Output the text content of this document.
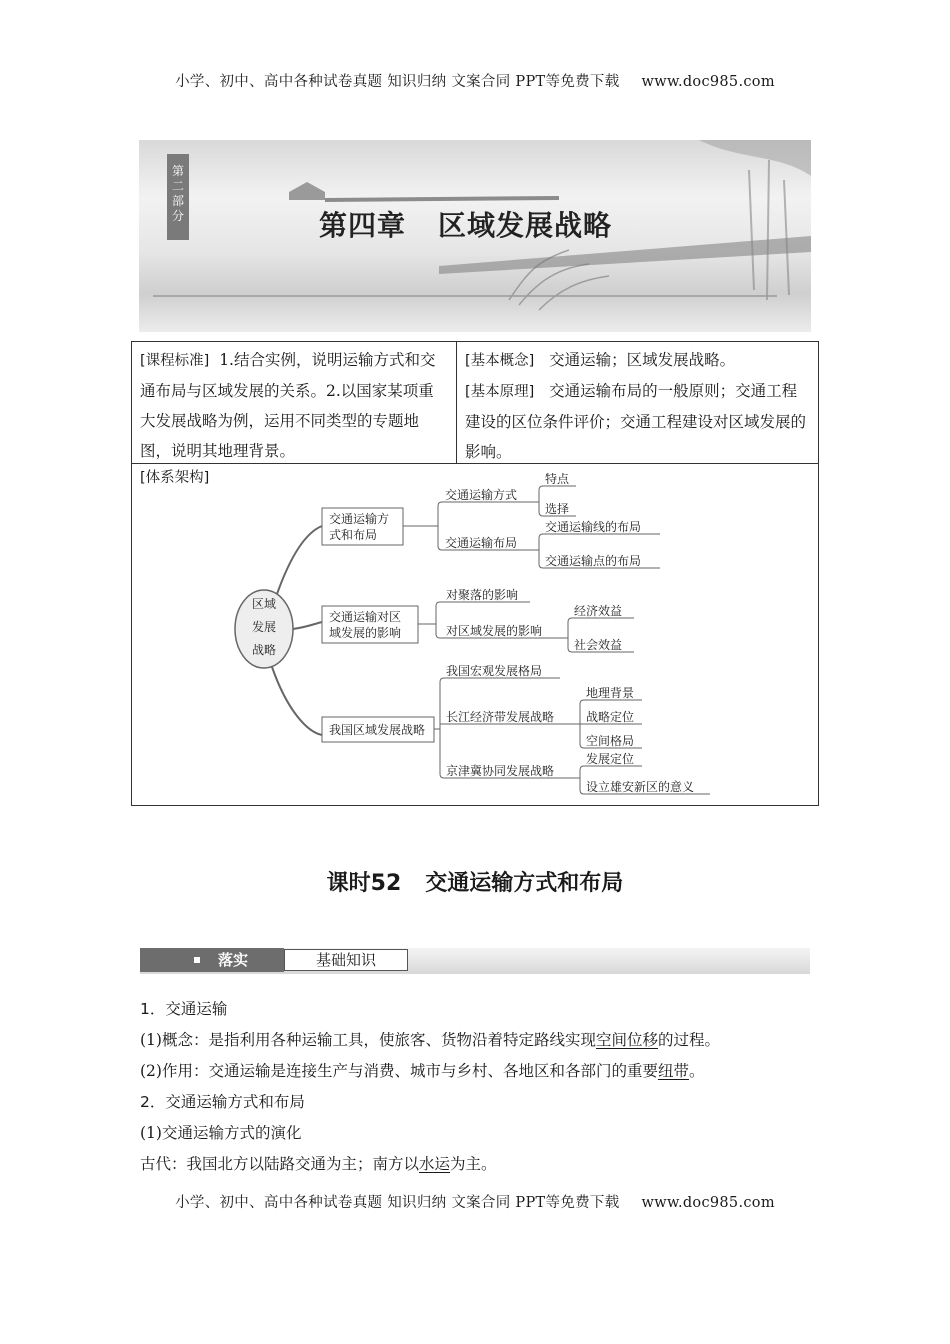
小学、初中、高中各种试卷真题 知识归纳 文案合同 PPT等免费下载 www.doc985.com
第二部分	第四章 区域发展战略
[课程标准] 1.结合实例，说明运输方式和交通布局与区域发展的关系。2.以国家某项重大发展战略为例，运用不同类型的专题地图，说明其地理背景。
[基本概念] 交通运输；区域发展战略。
[基本原理] 交通运输布局的一般原则；交通工程建设的区位条件评价；交通工程建设对区域发展的影响。
[体系架构]
区域
发展
战略
交通运输方
式和布局
交通运输方式
交通运输布局
特点
选择
交通运输线的布局
交通运输点的布局
交通运输对区
域发展的影响
对聚落的影响
对区域发展的影响
经济效益
社会效益
我国区域发展战略
我国宏观发展格局
长江经济带发展战略
京津冀协同发展战略
地理背景
战略定位
空间格局
发展定位
设立雄安新区的意义
课时52 交通运输方式和布局
落实	基础知识
1．交通运输
(1)概念：是指利用各种运输工具，使旅客、货物沿着特定路线实现空间位移的过程。
(2)作用：交通运输是连接生产与消费、城市与乡村、各地区和各部门的重要纽带。
2．交通运输方式和布局
(1)交通运输方式的演化
古代：我国北方以陆路交通为主；南方以水运为主。
小学、初中、高中各种试卷真题 知识归纳 文案合同 PPT等免费下载 www.doc985.com
